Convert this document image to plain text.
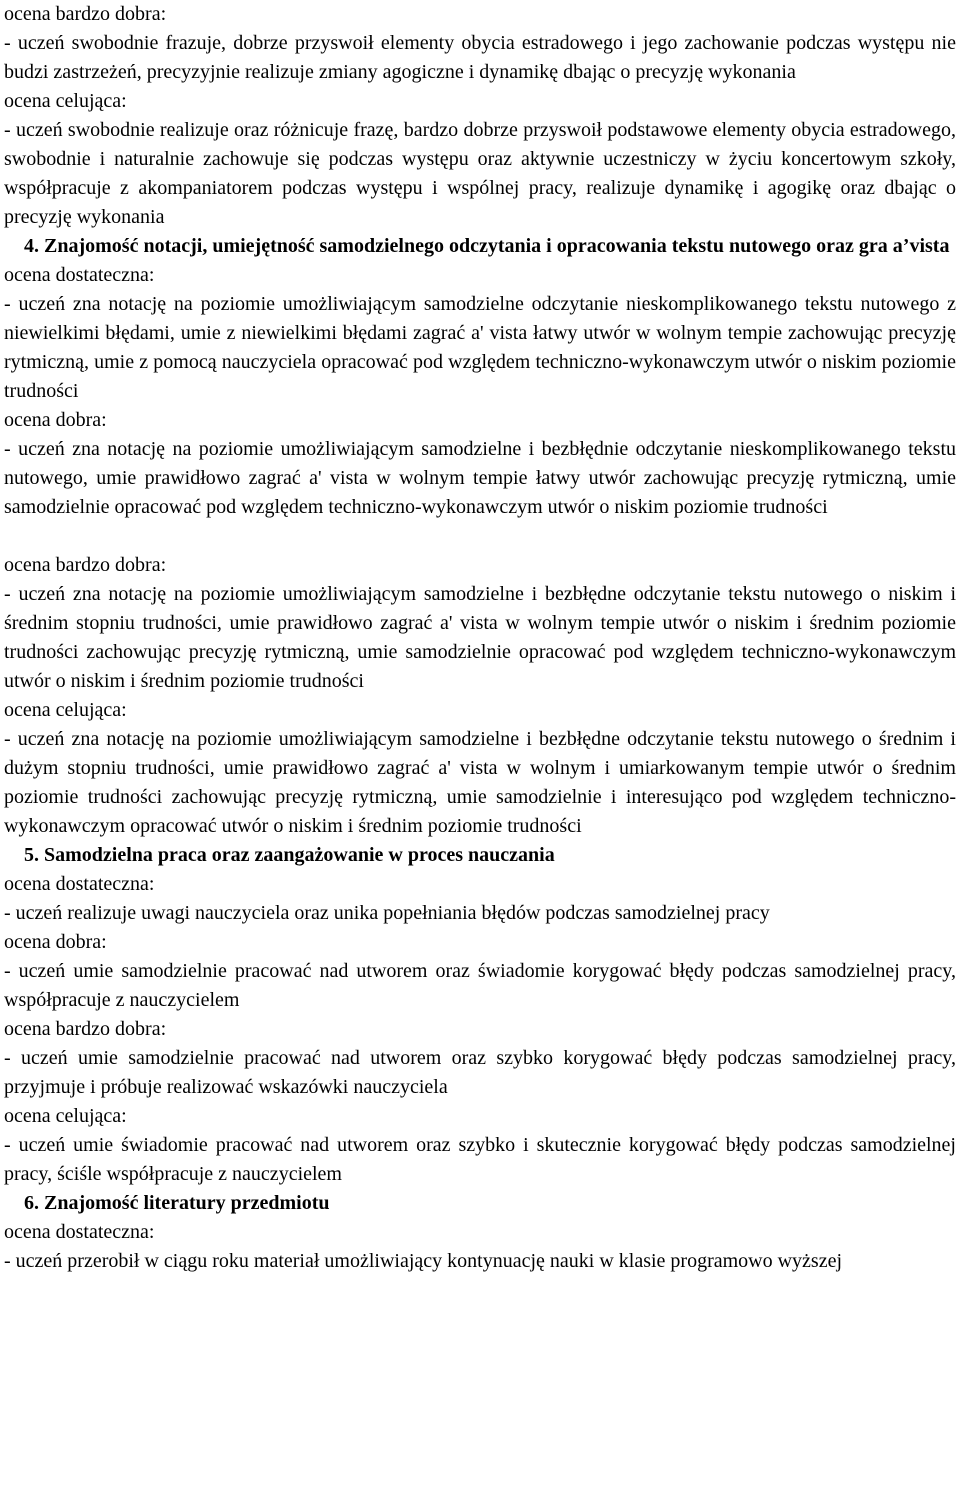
ocena bardzo dobra:

- uczeń swobodnie frazuje, dobrze przyswoił elementy obycia estradowego i jego zachowanie podczas występu nie budzi zastrzeżeń, precyzyjnie realizuje zmiany agogiczne i dynamikę dbając o precyzję wykonania

ocena celująca:

- uczeń swobodnie realizuje oraz różnicuje frazę, bardzo dobrze przyswoił podstawowe elementy obycia estradowego, swobodnie i naturalnie zachowuje się podczas występu oraz aktywnie uczestniczy w życiu koncertowym szkoły, współpracuje z akompaniatorem podczas występu i wspólnej pracy, realizuje dynamikę i agogikę oraz dbając o precyzję wykonania

4. Znajomość notacji, umiejętność samodzielnego odczytania i opracowania tekstu nutowego oraz gra a’vista

ocena dostateczna:

- uczeń zna notację na poziomie umożliwiającym samodzielne odczytanie nieskomplikowanego tekstu nutowego z niewielkimi błędami, umie z niewielkimi błędami zagrać a' vista łatwy utwór w wolnym tempie zachowując precyzję rytmiczną, umie z pomocą nauczyciela opracować pod względem techniczno-wykonawczym utwór o niskim poziomie trudności

ocena dobra:

- uczeń zna notację na poziomie umożliwiającym samodzielne i bezbłędnie odczytanie nieskomplikowanego tekstu nutowego, umie prawidłowo zagrać a' vista w wolnym tempie łatwy utwór zachowując precyzję rytmiczną, umie samodzielnie opracować pod względem techniczno-wykonawczym utwór o niskim poziomie trudności

ocena bardzo dobra:

- uczeń zna notację na poziomie umożliwiającym samodzielne i bezbłędne odczytanie tekstu nutowego o niskim i średnim stopniu trudności, umie prawidłowo zagrać a' vista w wolnym tempie utwór o niskim i średnim poziomie trudności zachowując precyzję rytmiczną, umie samodzielnie opracować pod względem techniczno-wykonawczym utwór o niskim i średnim poziomie trudności

ocena celująca:

- uczeń zna notację na poziomie umożliwiającym samodzielne i bezbłędne odczytanie tekstu nutowego o średnim i dużym stopniu trudności, umie prawidłowo zagrać a' vista w wolnym i umiarkowanym tempie utwór o średnim poziomie trudności zachowując precyzję rytmiczną, umie samodzielnie i interesująco pod względem techniczno-wykonawczym opracować utwór o niskim i średnim poziomie trudności

5. Samodzielna praca oraz zaangażowanie w proces nauczania

ocena dostateczna:

- uczeń realizuje uwagi nauczyciela oraz unika popełniania błędów podczas samodzielnej pracy

ocena dobra:

- uczeń umie samodzielnie pracować nad utworem oraz świadomie korygować błędy podczas samodzielnej pracy, współpracuje z nauczycielem

ocena bardzo dobra:

- uczeń umie samodzielnie pracować nad utworem oraz szybko korygować błędy podczas samodzielnej pracy, przyjmuje i próbuje realizować wskazówki nauczyciela

ocena celująca:

- uczeń umie świadomie pracować nad utworem oraz szybko i skutecznie korygować błędy podczas samodzielnej pracy, ściśle współpracuje z nauczycielem

6. Znajomość literatury przedmiotu

ocena dostateczna:

- uczeń przerobił w ciągu roku materiał umożliwiający kontynuację nauki w klasie programowo wyższej
